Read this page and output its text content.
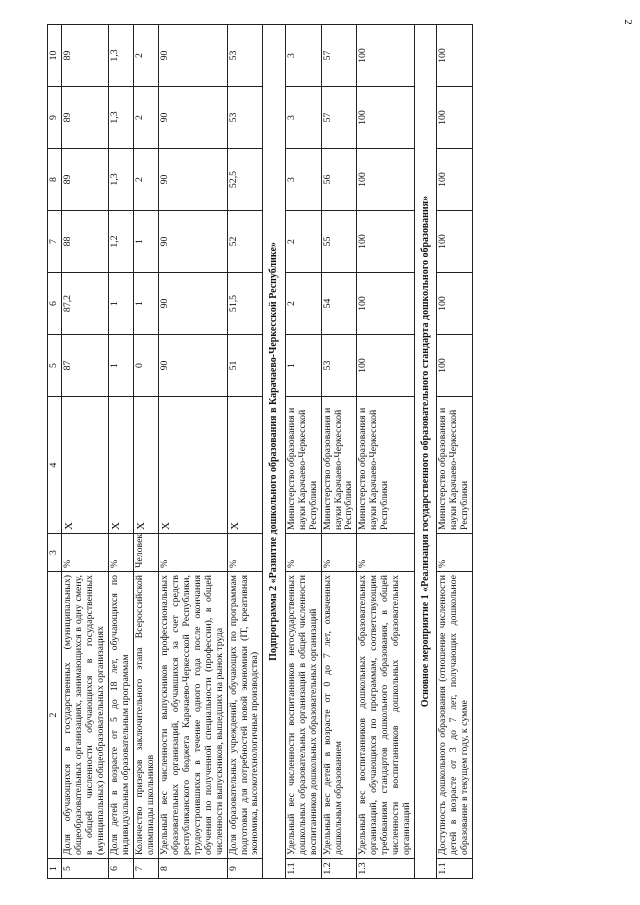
2
1	2	3	4	5	6	7	8	9	10
5	Доля обучающихся в государственных (муниципальных) общеобразовательных организациях, занимающихся в одну смену, в общей численности обучающихся в государственных (муниципальных) общеобразовательных организациях	%	X	87	87,2	88	89	89	89
6	Доля детей в возрасте от 5 до 18 лет, обучающихся по индивидуальным образовательным программам	%	X	1	1	1,2	1,3	1,3	1,3
7	Количество призеров заключительного этапа Всероссийской олимпиады школьников	Человек	X	0	1	1	2	2	2
8	Удельный вес численности выпускников профессиональных образовательных организаций, обучавшихся за счет средств республиканского бюджета Карачаево-Черкесской Республики, трудоустроившихся в течение одного года после окончания обучения по полученной специальности (профессии), в общей численности выпускников, вышедших на рынок труда	%	X	90	90	90	90	90	90
9	Доля образовательных учреждений, обучающих по программам подготовки для потребностей новой экономики (IT, креативная экономика, высокотехнологичные производства)	%	X	51	51,5	52	52,5	53	53
Подпрограмма 2 «Развитие дошкольного образования в Карачаево-Черкесской Республике»									
1.1	Удельный вес численности воспитанников негосударственных дошкольных образовательных организаций в общей численности воспитанников дошкольных образовательных организаций	%	Министерство образования и науки Карачаево-Черкесской Республики	1	2	2	3	3	3
1.2	Удельный вес детей в возрасте от 0 до 7 лет, охваченных дошкольным образованием	%	Министерство образования и науки Карачаево-Черкесской Республики	53	54	55	56	57	57
1.3	Удельный вес воспитанников дошкольных образовательных организаций, обучающихся по программам, соответствующим требованиям стандартов дошкольного образования, в общей численности воспитанников дошкольных образовательных организаций	%	Министерство образования и науки Карачаево-Черкесской Республики	100	100	100	100	100	100
Основное мероприятие 1 «Реализация государственного образовательного стандарта дошкольного образования»									
1.1	Доступность дошкольного образования (отношение численности детей в возрасте от 3 до 7 лет, получающих дошкольное образование в текущем году, к сумме	%	Министерство образования и науки Карачаево-Черкесской Республики	100	100	100	100	100	100
